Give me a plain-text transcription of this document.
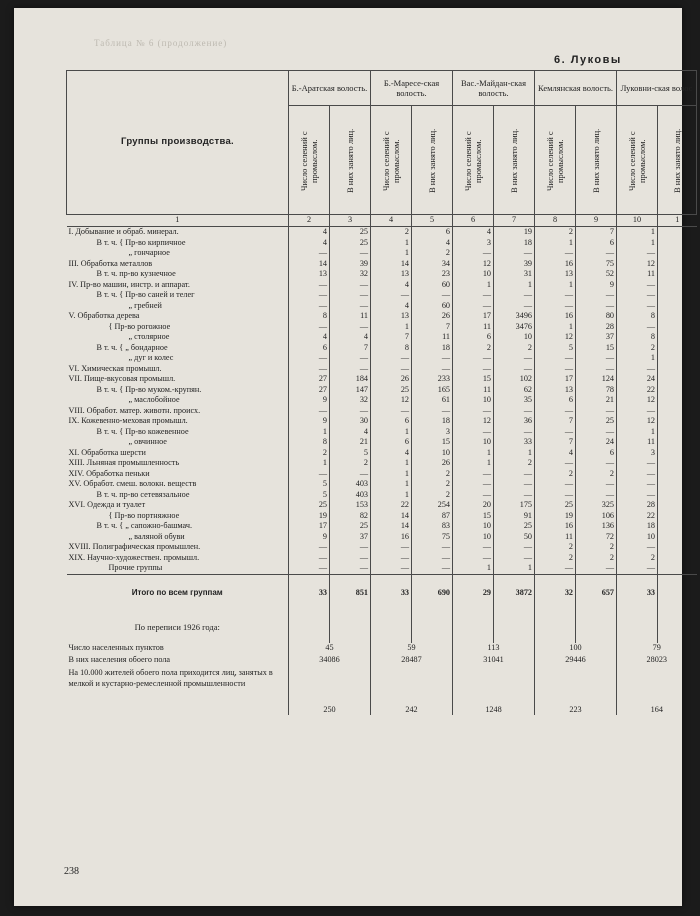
Таблица № 6 (продолжение)
6. Луковы
Группы производства.	Б.-Аратская волость.		Б.-Маресе-ская волость.		Вас.-Майдан-ская волость.		Кемлянская волость.		Луковни-ская волос	
	Число селений с промыслом.	В них занято лиц.	Число селений с промыслом.	В них занято лиц.	Число селений с промыслом.	В них занято лиц.	Число селений с промыслом.	В них занято лиц.	Число селений с промыслом.	В них занято лиц.
1	2	3	4	5	6	7	8	9	10	1
I. Добывание и обраб. минерал.	4	25	2	6	4	19	2	7	1	
В т. ч. { Пр-во кирпичное	4	25	1	4	3	18	1	6	1	
„ гончарное	—	—	1	2	—	—	—	—	—	
III. Обработка металлов	14	39	14	34	12	39	16	75	12	
В т. ч. пр-во кузнечное	13	32	13	23	10	31	13	52	11	
IV. Пр-во машин, инстр. и аппарат.	—	—	4	60	1	1	1	9	—	
В т. ч. { Пр-во саней и телег	—	—	—	—	—	—	—	—	—	
„ гребней	—	—	4	60	—	—	—	—	—	
V. Обработка дерева	8	11	13	26	17	3496	16	80	8	
{ Пр-во рогожное	—	—	1	7	11	3476	1	28	—	
„ столярное	4	4	7	11	6	10	12	37	8	
В т. ч. { „ бондарное	6	7	8	18	2	2	5	15	2	
„ дуг и колес	—	—	—	—	—	—	—	—	1	
VI. Химическая промышл.	—	—	—	—	—	—	—	—	—	
VII. Пище-вкусовая промышл.	27	184	26	233	15	102	17	124	24	
В т. ч. { Пр-во муком.-крупян.	27	147	25	165	11	62	13	78	22	
„ маслобойное	9	32	12	61	10	35	6	21	12	
VIII. Обработ. матер. животн. происх.	—	—	—	—	—	—	—	—	—	
IX. Кожевенно-меховая промышл.	9	30	6	18	12	36	7	25	12	
В т. ч. { Пр-во кожевенное	1	4	1	3	—	—	—	—	1	
„ овчинное	8	21	6	15	10	33	7	24	11	
XI. Обработка шерсти	2	5	4	10	1	1	4	6	3	
XIII. Льняная промышленность	1	2	1	26	1	2	—	—	—	
XIV. Обработка пеньки	—	—	1	2	—	—	2	2	—	
XV. Обработ. смеш. волокн. веществ	5	403	1	2	—	—	—	—	—	
В т. ч. пр-во сетевязальное	5	403	1	2	—	—	—	—	—	
XVI. Одежда и туалет	25	153	22	254	20	175	25	325	28	
{ Пр-во портняжное	19	82	14	87	15	91	19	106	22	
В т. ч. { „ сапожно-башмач.	17	25	14	83	10	25	16	136	18	
„ валяной обуви	9	37	16	75	10	50	11	72	10	
XVIII. Полиграфическая промышлен.	—	—	—	—	—	—	2	2	—	
XIX. Научно-художествен. промышл.	—	—	—	—	—	—	2	2	2	
Прочие группы	—	—	—	—	1	1	—	—	—	
Итого по всем группам	33	851	33	690	29	3872	32	657	33	
По переписи 1926 года:										
Число населенных пунктов	45		59		113		100		79	
В них населения обоего пола	34086		28487		31041		29446		28023	
На 10.000 жителей обоего пола приходится лиц, занятых в мелкой и кустарно-ремесленной промышленности	250		242		1248		223		164	
238
